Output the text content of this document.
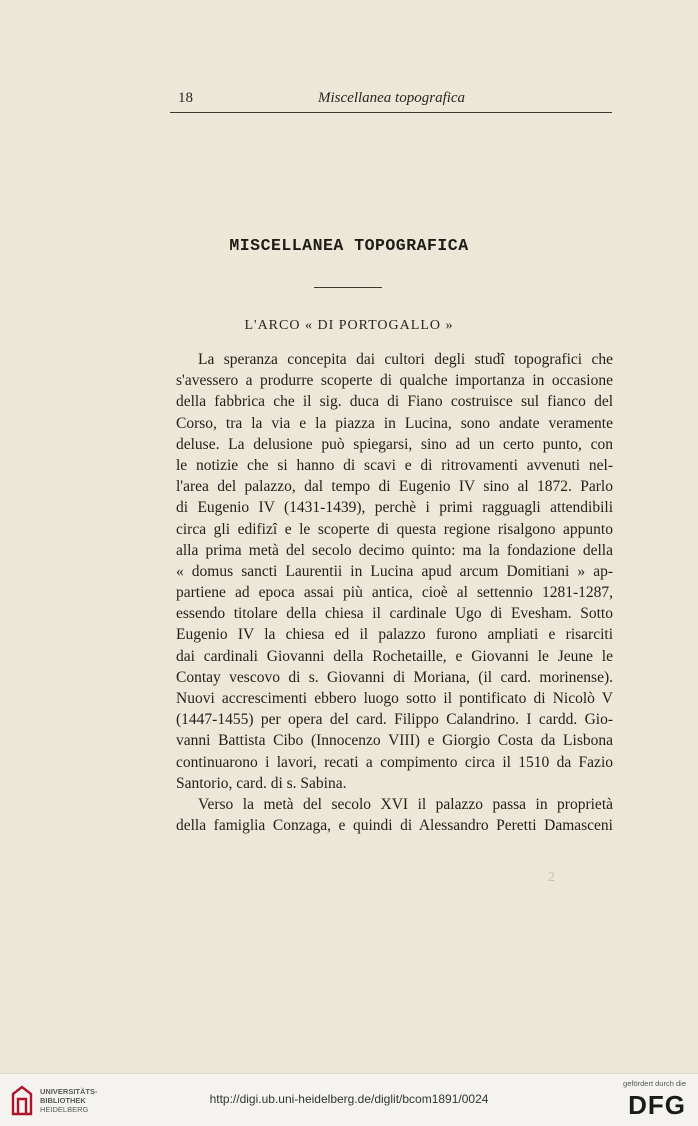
18	Miscellanea topografica
MISCELLANEA TOPOGRAFICA
L'ARCO « DI PORTOGALLO »
La speranza concepita dai cultori degli studî topografici che
s'avessero a produrre scoperte di qualche importanza in occasione
della fabbrica che il sig. duca di Fiano costruisce sul fianco del
Corso, tra la via e la piazza in Lucina, sono andate veramente
deluse. La delusione può spiegarsi, sino ad un certo punto, con
le notizie che si hanno di scavi e di ritrovamenti avvenuti nel-
l'area del palazzo, dal tempo di Eugenio IV sino al 1872. Parlo
di Eugenio IV (1431-1439), perchè i primi ragguagli attendibili
circa gli edifizî e le scoperte di questa regione risalgono appunto
alla prima metà del secolo decimo quinto: ma la fondazione della
« domus sancti Laurentii in Lucina apud arcum Domitiani » ap-
partiene ad epoca assai più antica, cioè al settennio 1281-1287,
essendo titolare della chiesa il cardinale Ugo di Evesham. Sotto
Eugenio IV la chiesa ed il palazzo furono ampliati e risarciti
dai cardinali Giovanni della Rochetaille, e Giovanni le Jeune le
Contay vescovo di s. Giovanni di Moriana, (il card. morinense).
Nuovi accrescimenti ebbero luogo sotto il pontificato di Nicolò V
(1447-1455) per opera del card. Filippo Calandrino. I cardd. Gio-
vanni Battista Cibo (Innocenzo VIII) e Giorgio Costa da Lisbona
continuarono i lavori, recati a compimento circa il 1510 da Fazio
Santorio, card. di s. Sabina.
Verso la metà del secolo XVI il palazzo passa in proprietà
della famiglia Conzaga, e quindi di Alessandro Peretti Damasceni
2
UNIVERSITÄTS-
BIBLIOTHEK
HEIDELBERG
http://digi.ub.uni-heidelberg.de/diglit/bcom1891/0024
gefördert durch die
DFG
